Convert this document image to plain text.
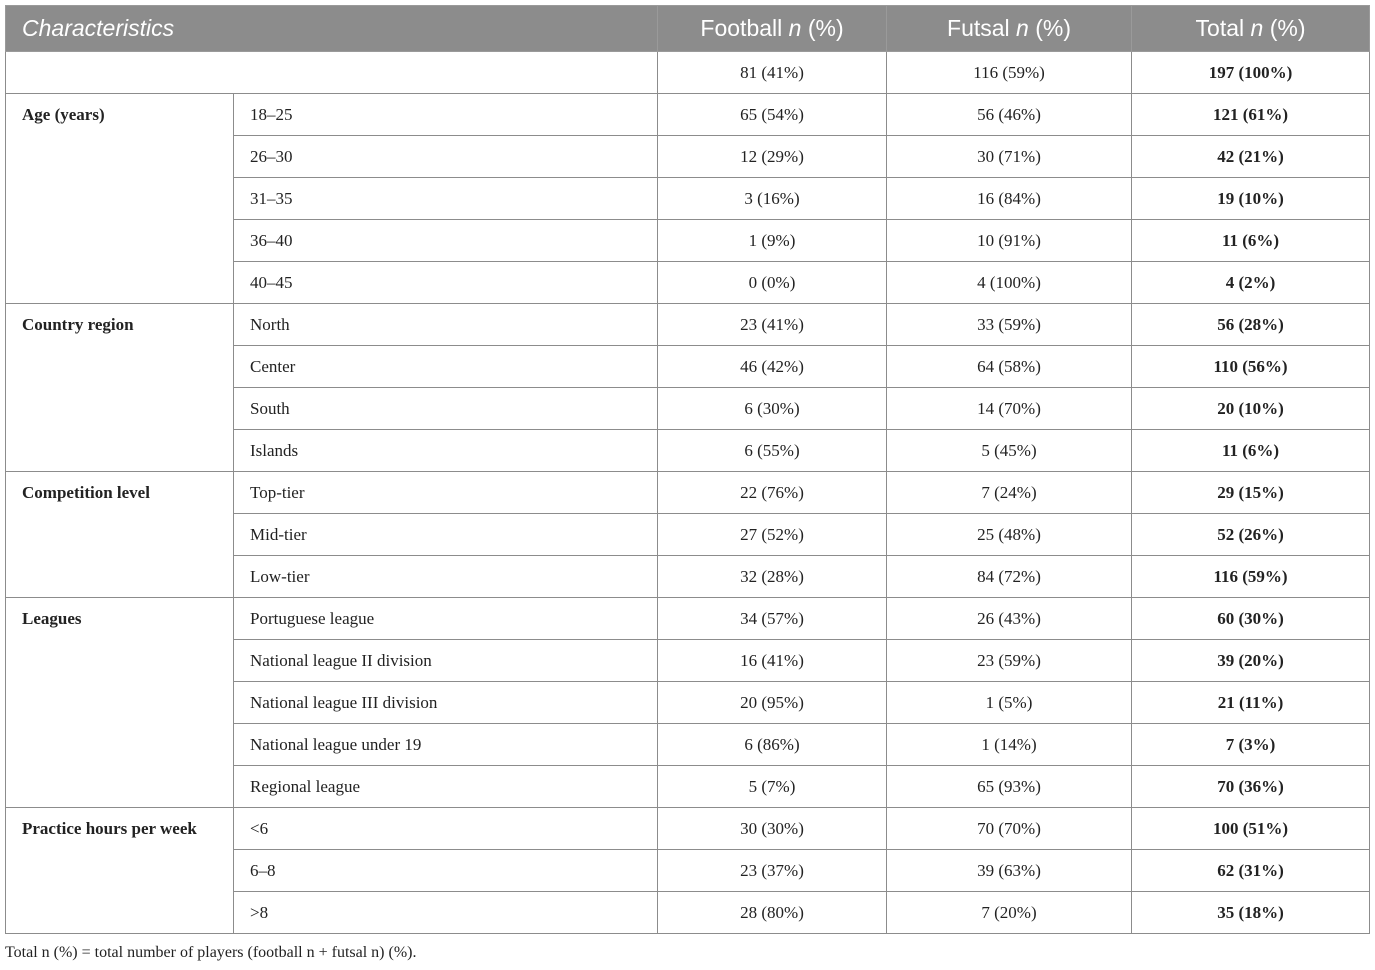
Characteristics		Football n (%)	Futsal n (%)	Total n (%)
		81 (41%)	116 (59%)	197 (100%)
Age (years)	18–25	65 (54%)	56 (46%)	121 (61%)
	26–30	12 (29%)	30 (71%)	42 (21%)
	31–35	3 (16%)	16 (84%)	19 (10%)
	36–40	1 (9%)	10 (91%)	11 (6%)
	40–45	0 (0%)	4 (100%)	4 (2%)
Country region	North	23 (41%)	33 (59%)	56 (28%)
	Center	46 (42%)	64 (58%)	110 (56%)
	South	6 (30%)	14 (70%)	20 (10%)
	Islands	6 (55%)	5 (45%)	11 (6%)
Competition level	Top-tier	22 (76%)	7 (24%)	29 (15%)
	Mid-tier	27 (52%)	25 (48%)	52 (26%)
	Low-tier	32 (28%)	84 (72%)	116 (59%)
Leagues	Portuguese league	34 (57%)	26 (43%)	60 (30%)
	National league II division	16 (41%)	23 (59%)	39 (20%)
	National league III division	20 (95%)	1 (5%)	21 (11%)
	National league under 19	6 (86%)	1 (14%)	7 (3%)
	Regional league	5 (7%)	65 (93%)	70 (36%)
Practice hours per week	<6	30 (30%)	70 (70%)	100 (51%)
	6–8	23 (37%)	39 (63%)	62 (31%)
	>8	28 (80%)	7 (20%)	35 (18%)
Total n (%) = total number of players (football n + futsal n) (%).
